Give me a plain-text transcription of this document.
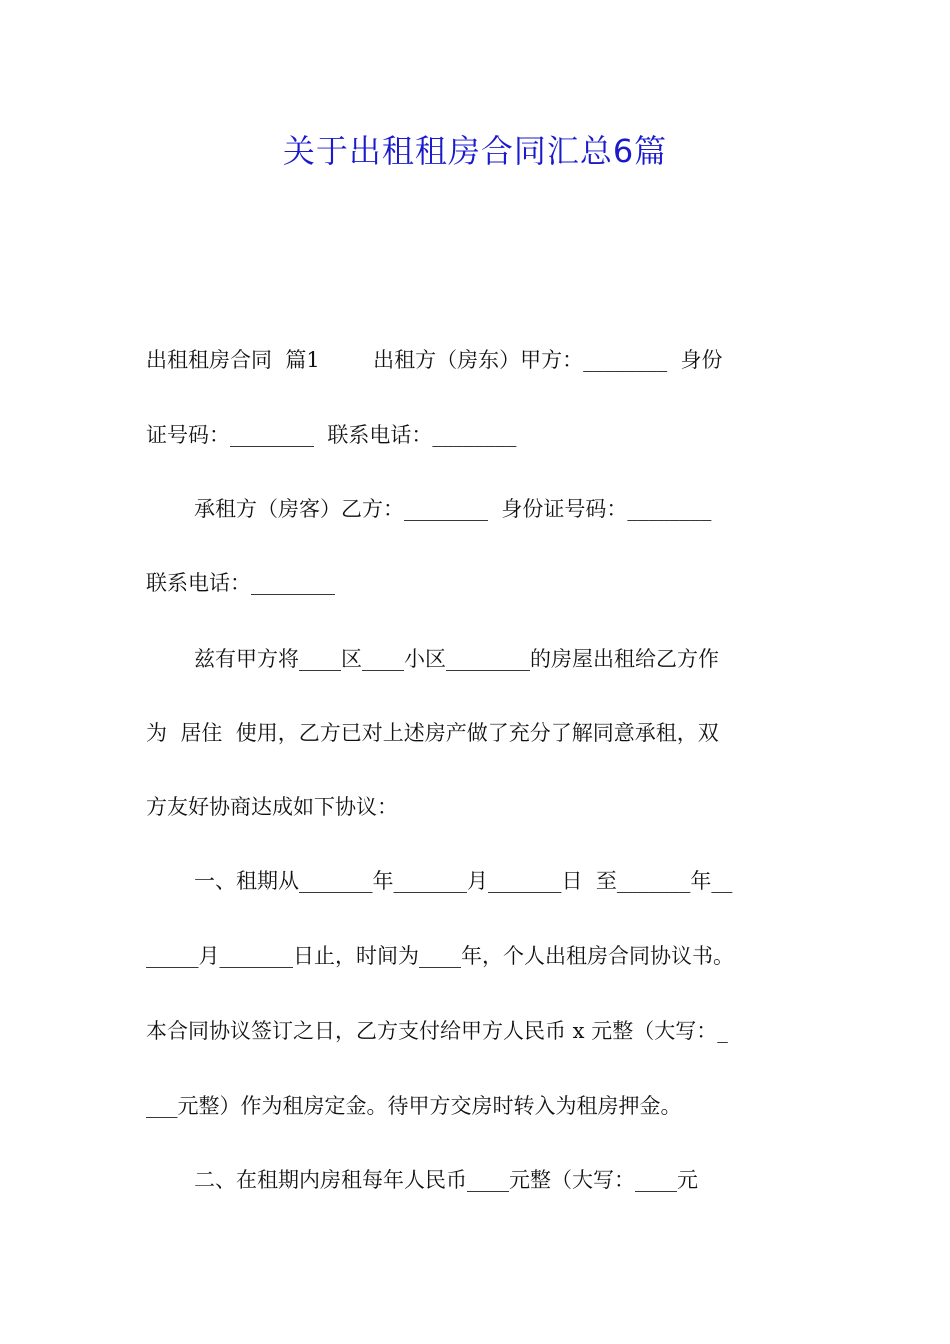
关于出租租房合同汇总6篇
出租租房合同  篇1        出租方（房东）甲方：________  身份
证号码：________  联系电话：________
承租方（房客）乙方：________  身份证号码：________
联系电话：________
兹有甲方将____区____小区________的房屋出租给乙方作
为  居住  使用，乙方已对上述房产做了充分了解同意承租，双
方友好协商达成如下协议：
一、租期从_______年_______月_______日  至_______年__
_____月_______日止，时间为____年，个人出租房合同协议书。
本合同协议签订之日，乙方支付给甲方人民币 x 元整（大写：_
___元整）作为租房定金。待甲方交房时转入为租房押金。
二、在租期内房租每年人民币____元整（大写：____元
